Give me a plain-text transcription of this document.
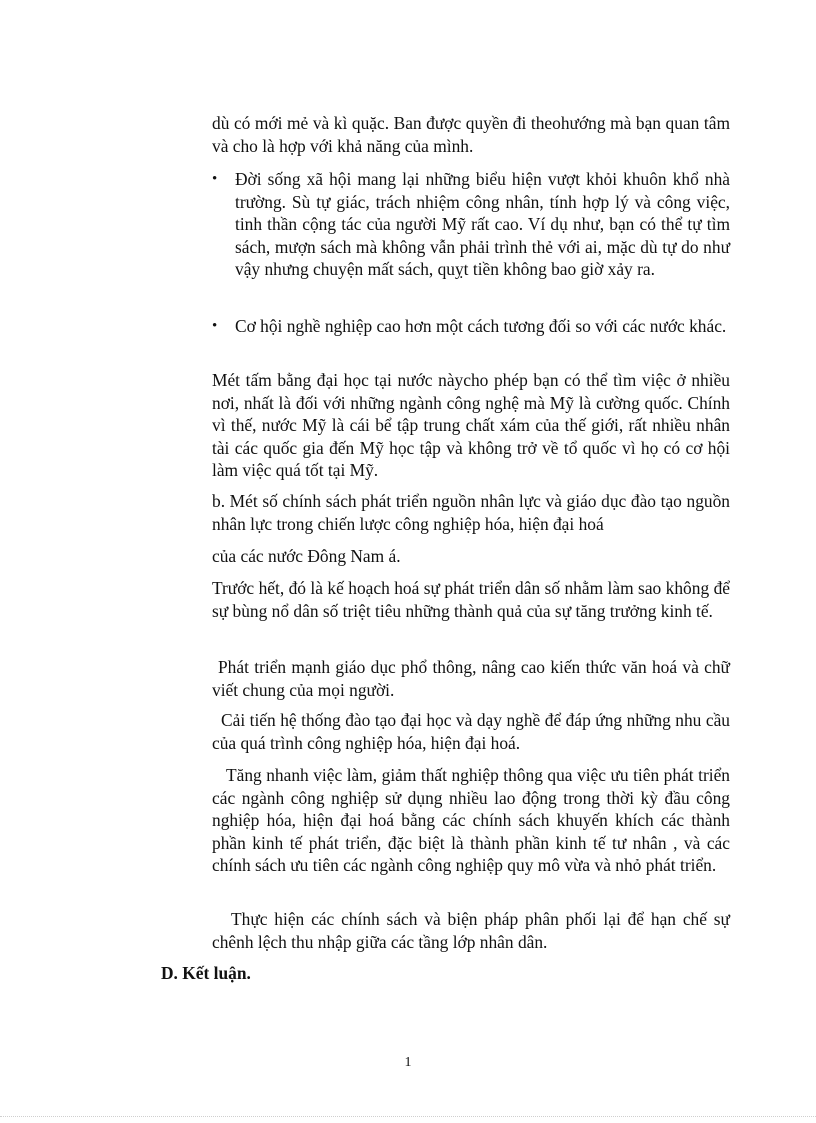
dù có mới mẻ và kì quặc. Ban được quyền đi theohướng mà bạn quan tâm và cho là hợp với khả năng của mình.

•	Đời sống xã hội mang lại những biểu hiện vượt khỏi khuôn khổ nhà trường. Sù tự giác, trách nhiệm công nhân, tính hợp lý và công việc, tinh thần cộng tác của người Mỹ rất cao. Ví dụ như, bạn có thể tự tìm sách, mượn sách mà không vẫn phải trình thẻ với ai, mặc dù tự do như vậy nhưng chuyện mất sách, quỵt tiền không bao giờ xảy ra.
•	Cơ hội nghề nghiệp cao hơn một cách tương đối so với các nước khác.

Mét tấm bằng đại học tại nước nàycho phép bạn có thể tìm việc ở nhiều nơi, nhất là đối với những ngành công nghệ mà Mỹ là cường quốc. Chính vì thế, nước Mỹ là cái bể tập trung chất xám của thế giới, rất nhiều nhân tài các quốc gia đến Mỹ học tập và không trở về tổ quốc vì họ có cơ hội làm việc quá tốt tại Mỹ.

b. Mét số chính sách phát triển nguồn nhân lực và giáo dục đào tạo nguồn nhân lực trong chiến lược công nghiệp hóa, hiện đại hoá

của các nước Đông Nam á.

Trước hết, đó là kế hoạch hoá sự phát triển dân số nhằm làm sao không để sự bùng nổ dân số triệt tiêu những thành quả của sự tăng trưởng kinh tế.

Phát triển mạnh giáo dục phổ thông, nâng cao kiến thức văn hoá và chữ viết chung của mọi người.

Cải tiến hệ thống đào tạo đại học và dạy nghề để đáp ứng những nhu cầu của quá trình công nghiệp hóa, hiện đại hoá.

Tăng nhanh việc làm, giảm thất nghiệp thông qua việc ưu tiên phát triển các ngành công nghiệp sử dụng nhiều lao động trong thời kỳ đầu công nghiệp hóa, hiện đại hoá bằng các chính sách khuyến khích các thành phần kinh tế phát triển, đặc biệt là thành phần kinh tế tư nhân , và các chính sách ưu tiên các ngành công nghiệp quy mô vừa và nhỏ phát triển.

Thực hiện các chính sách và biện pháp phân phối lại để hạn chế sự chênh lệch thu nhập giữa các tầng lớp nhân dân.

D. Kết luận.
1
